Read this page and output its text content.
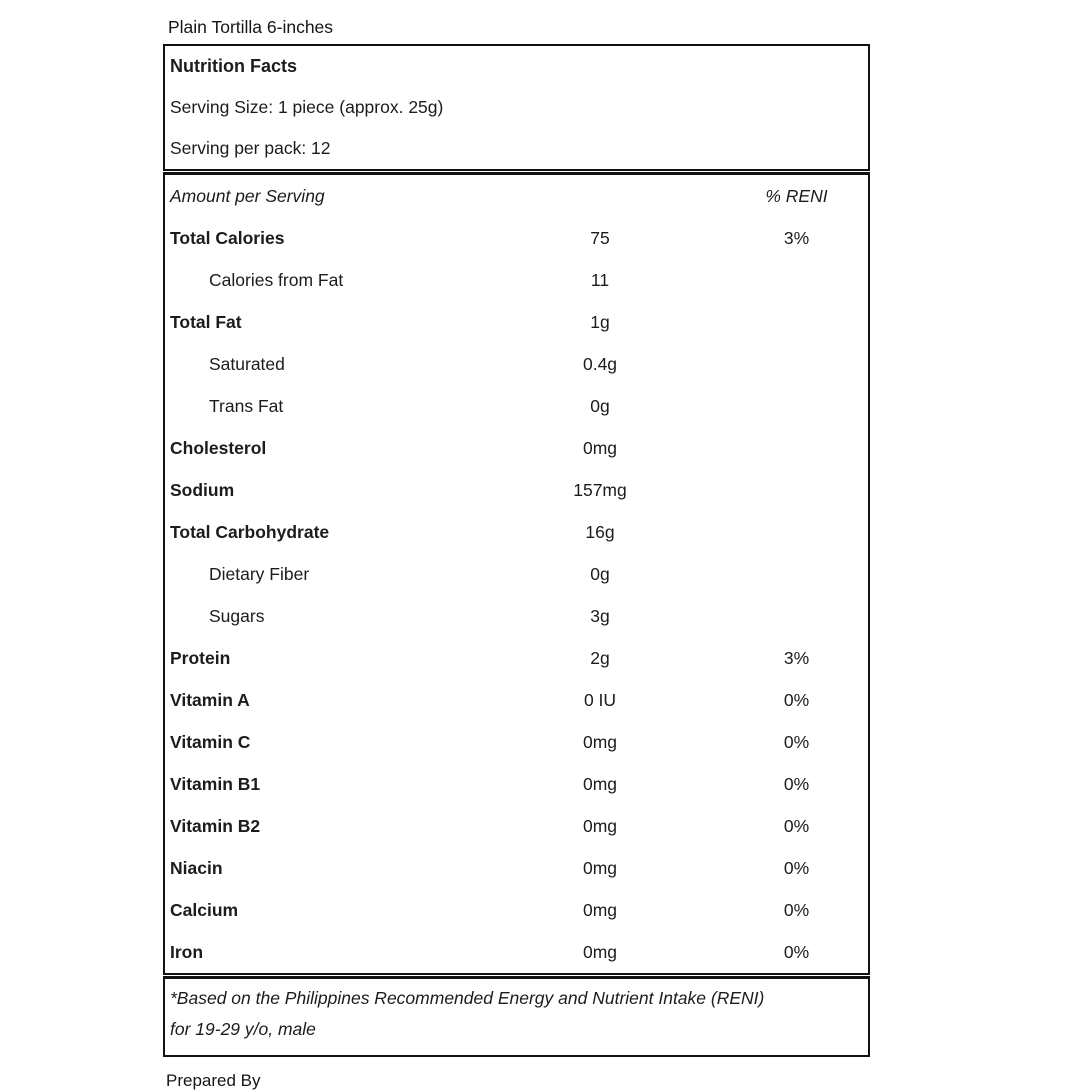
Plain Tortilla 6-inches
Nutrition Facts
Serving Size: 1 piece (approx. 25g)
Serving per pack: 12
Amount per Serving	% RENI
Total Calories	75	3%
Calories from Fat	11
Total Fat	1g
Saturated	0.4g
Trans Fat	0g
Cholesterol	0mg
Sodium	157mg
Total Carbohydrate	16g
Dietary Fiber	0g
Sugars	3g
Protein	2g	3%
Vitamin A	0 IU	0%
Vitamin C	0mg	0%
Vitamin B1	0mg	0%
Vitamin B2	0mg	0%
Niacin	0mg	0%
Calcium	0mg	0%
Iron	0mg	0%
*Based on the Philippines Recommended Energy and Nutrient Intake (RENI)
for 19-29 y/o, male
Prepared By
